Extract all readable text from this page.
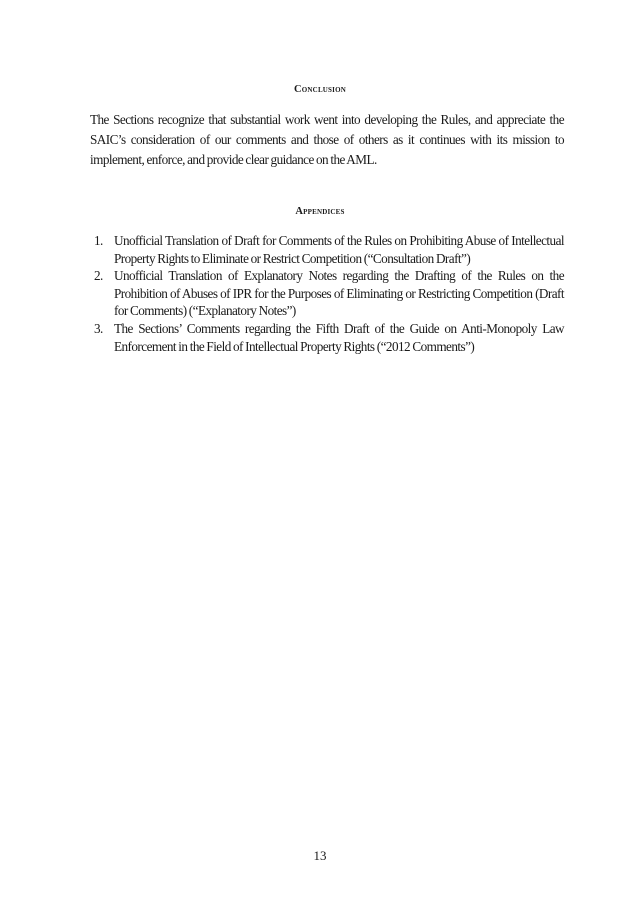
Conclusion

The Sections recognize that substantial work went into developing the Rules, and appreciate the SAIC’s consideration of our comments and those of others as it continues with its mission to implement, enforce, and provide clear guidance on the AML.

Appendices
1. Unofficial Translation of Draft for Comments of the Rules on Prohibiting Abuse of Intellectual Property Rights to Eliminate or Restrict Competition (“Consultation Draft”)
2. Unofficial Translation of Explanatory Notes regarding the Drafting of the Rules on the Prohibition of Abuses of IPR for the Purposes of Eliminating or Restricting Competition (Draft for Comments) (“Explanatory Notes”)
3. The Sections’ Comments regarding the Fifth Draft of the Guide on Anti-Monopoly Law Enforcement in the Field of Intellectual Property Rights (“2012 Comments”)
13
